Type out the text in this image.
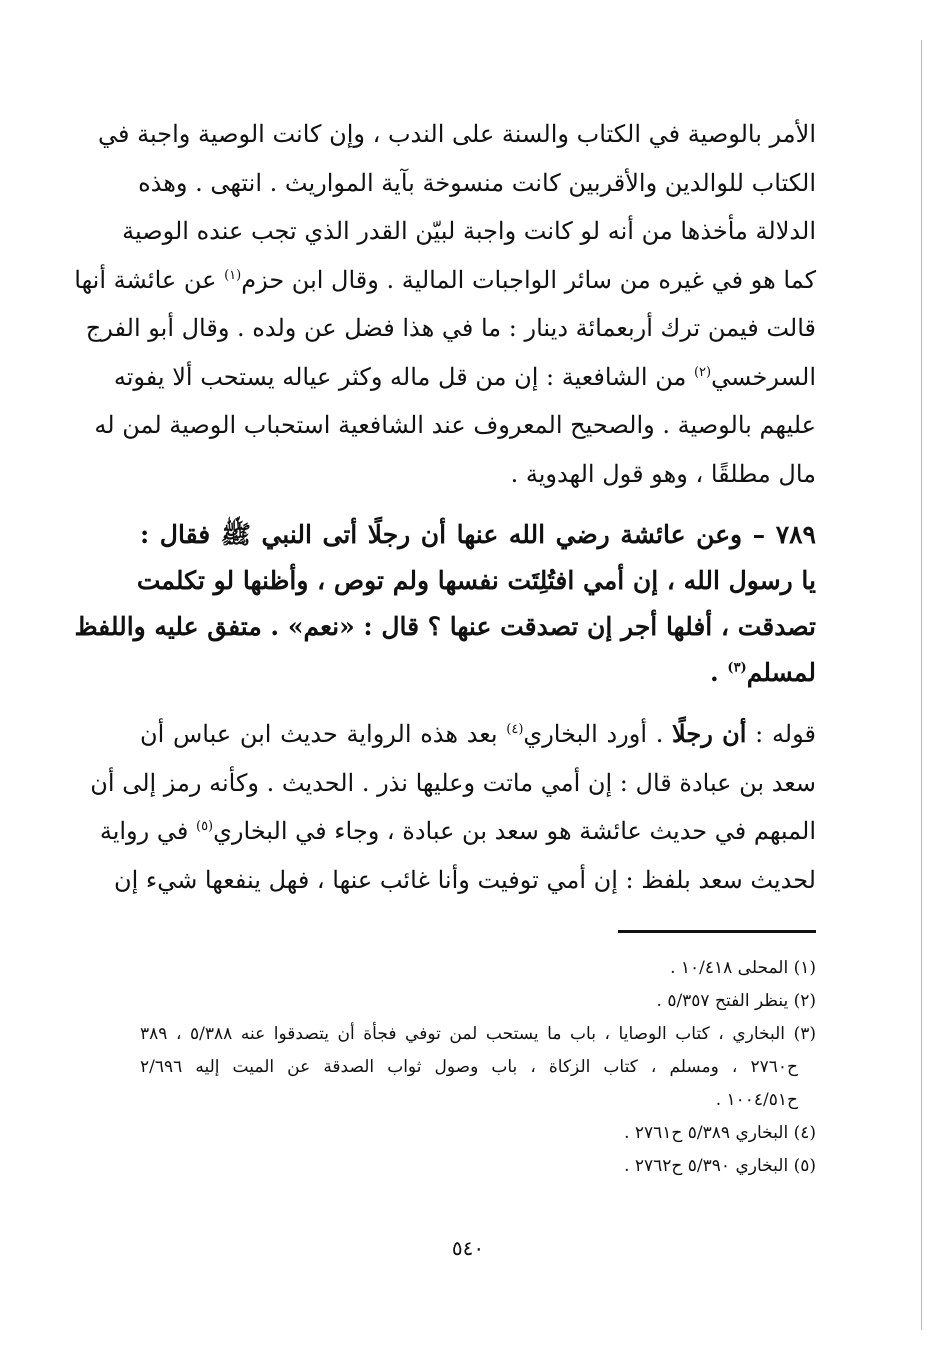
الأمر بالوصية في الكتاب والسنة على الندب ، وإن كانت الوصية واجبة في
الكتاب للوالدين والأقربين كانت منسوخة بآية المواريث . انتهى . وهذه
الدلالة مأخذها من أنه لو كانت واجبة لبيّن القدر الذي تجب عنده الوصية
كما هو في غيره من سائر الواجبات المالية . وقال ابن حزم$^{(١)}$ عن عائشة أنها
قالت فيمن ترك أربعمائة دينار : ما في هذا فضل عن ولده . وقال أبو الفرج
السرخسي$^{(٢)}$ من الشافعية : إن من قل ماله وكثر عياله يستحب ألا يفوته
عليهم بالوصية . والصحيح المعروف عند الشافعية استحباب الوصية لمن له
مال مطلقًا ، وهو قول الهدوية .
٧٨٩ – وعن عائشة رضي الله عنها أن رجلًا أتى النبي ﷺ فقال :
يا رسول الله ، إن أمي افتُلِتَت نفسها ولم توص ، وأظنها لو تكلمت
تصدقت ، أفلها أجر إن تصدقت عنها ؟ قال : «نعم» . متفق عليه واللفظ
لمسلم$^{(٣)}$ .
قوله : أن رجلًا . أورد البخاري$^{(٤)}$ بعد هذه الرواية حديث ابن عباس أن
سعد بن عبادة قال : إن أمي ماتت وعليها نذر . الحديث . وكأنه رمز إلى أن
المبهم في حديث عائشة هو سعد بن عبادة ، وجاء في البخاري$^{(٥)}$ في رواية
لحديث سعد بلفظ : إن أمي توفيت وأنا غائب عنها ، فهل ينفعها شيء إن
(١) المحلى ١٠/٤١٨ .
(٢) ينظر الفتح ٥/٣٥٧ .
(٣) البخاري ، كتاب الوصايا ، باب ما يستحب لمن توفي فجأة أن يتصدقوا عنه ٥/٣٨٨ ، ٣٨٩
ح٢٧٦٠ ، ومسلم ، كتاب الزكاة ، باب وصول ثواب الصدقة عن الميت إليه ٢/٦٩٦
ح١٠٠٤/٥١ .
(٤) البخاري ٥/٣٨٩ ح٢٧٦١ .
(٥) البخاري ٥/٣٩٠ ح٢٧٦٢ .
٥٤٠
